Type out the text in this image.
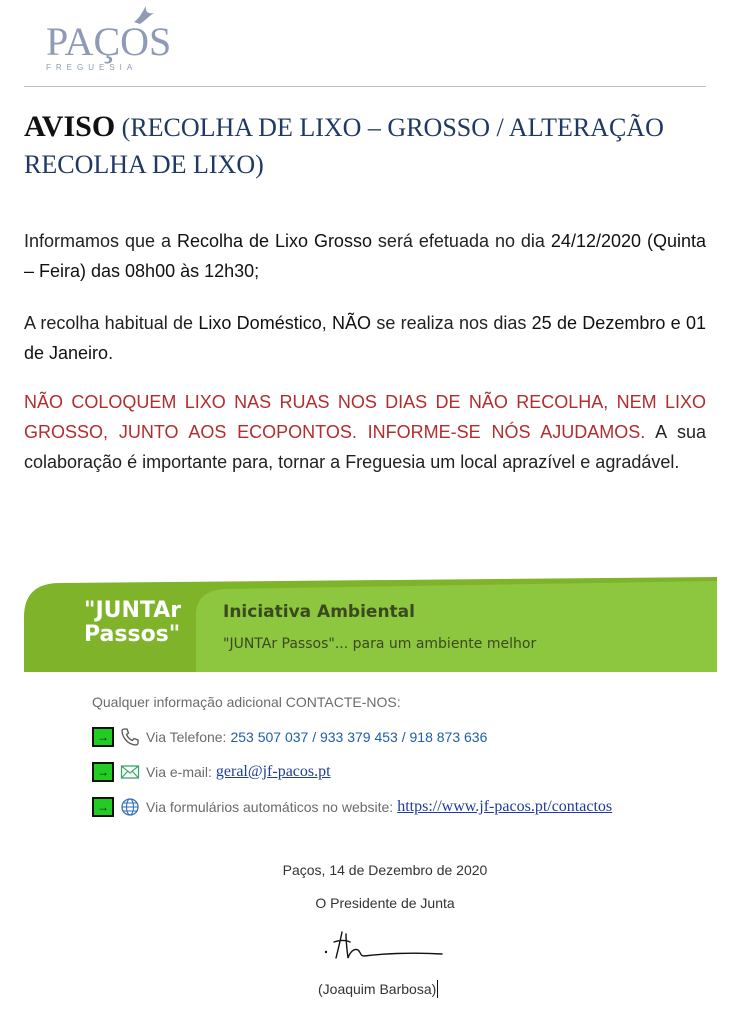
PAÇOS
FREGUESIA
AVISO (RECOLHA DE LIXO – GROSSO / ALTERAÇÃO RECOLHA DE LIXO)
Informamos que a Recolha de Lixo Grosso será efetuada no dia 24/12/2020 (Quinta – Feira) das 08h00 às 12h30;
A recolha habitual de Lixo Doméstico, NÃO se realiza nos dias 25 de Dezembro e 01 de Janeiro.
NÃO COLOQUEM LIXO NAS RUAS NOS DIAS DE NÃO RECOLHA, NEM LIXO GROSSO, JUNTO AOS ECOPONTOS. INFORME-SE NÓS AJUDAMOS. A sua colaboração é importante para, tornar a Freguesia um local aprazível e agradável.
"JUNTAr
Passos"
Iniciativa Ambiental
"JUNTAr Passos"... para um ambiente melhor
Qualquer informação adicional CONTACTE-NOS:
→	Via Telefone: 253 507 037 / 933 379 453 / 918 873 636
→	Via e-mail: geral@jf-pacos.pt
→	Via formulários automáticos no website: https://www.jf-pacos.pt/contactos
Paços, 14 de Dezembro de 2020
O Presidente de Junta
(Joaquim Barbosa)
